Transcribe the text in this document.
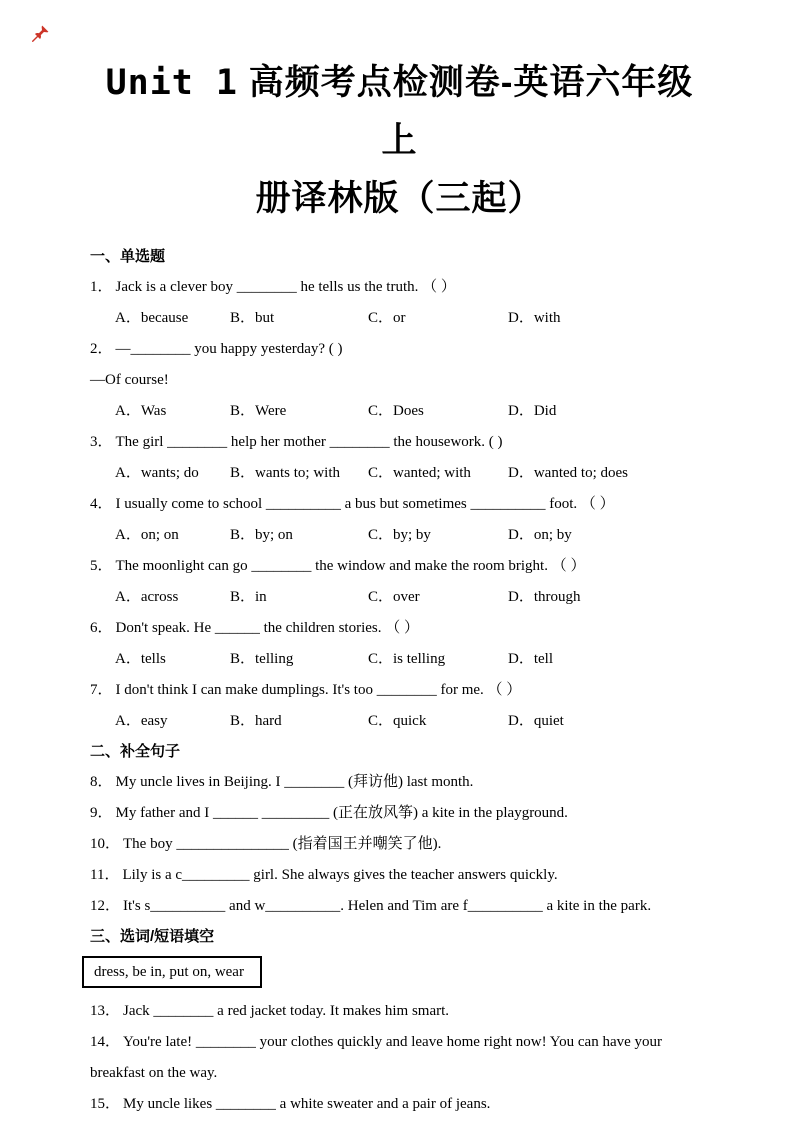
Unit 1 高频考点检测卷-英语六年级上
册译林版（三起）
一、单选题
1． Jack is a clever boy ________ he tells us the truth. （ ）
A．because	B．but	C．or	D．with
2． —________ you happy yesterday? ( )
—Of course!
A．Was	B．Were	C．Does	D．Did
3． The girl ________ help her mother ________ the housework. ( )
A．wants; do	B．wants to; with	C．wanted; with	D．wanted to; does
4． I usually come to school __________ a bus but sometimes __________ foot. （ ）
A．on; on	B．by; on	C．by; by	D．on; by
5． The moonlight can go ________ the window and make the room bright. （ ）
A．across	B．in	C．over	D．through
6． Don't speak. He ______ the children stories. （ ）
A．tells	B．telling	C．is telling	D．tell
7． I don't think I can make dumplings. It's too ________ for me. （ ）
A．easy	B．hard	C．quick	D．quiet
二、补全句子
8． My uncle lives in Beijing. I ________ (拜访他) last month.
9． My father and I ______ _________ (正在放风筝) a kite in the playground.
10． The boy _______________ (指着国王并嘲笑了他).
11． Lily is a c_________ girl. She always gives the teacher answers quickly.
12． It's s__________ and w__________. Helen and Tim are f__________ a kite in the park.
三、选词/短语填空
dress, be in, put on, wear
13． Jack ________ a red jacket today. It makes him smart.
14． You're late! ________ your clothes quickly and leave home right now! You can have your breakfast on the way.
15． My uncle likes ________ a white sweater and a pair of jeans.
